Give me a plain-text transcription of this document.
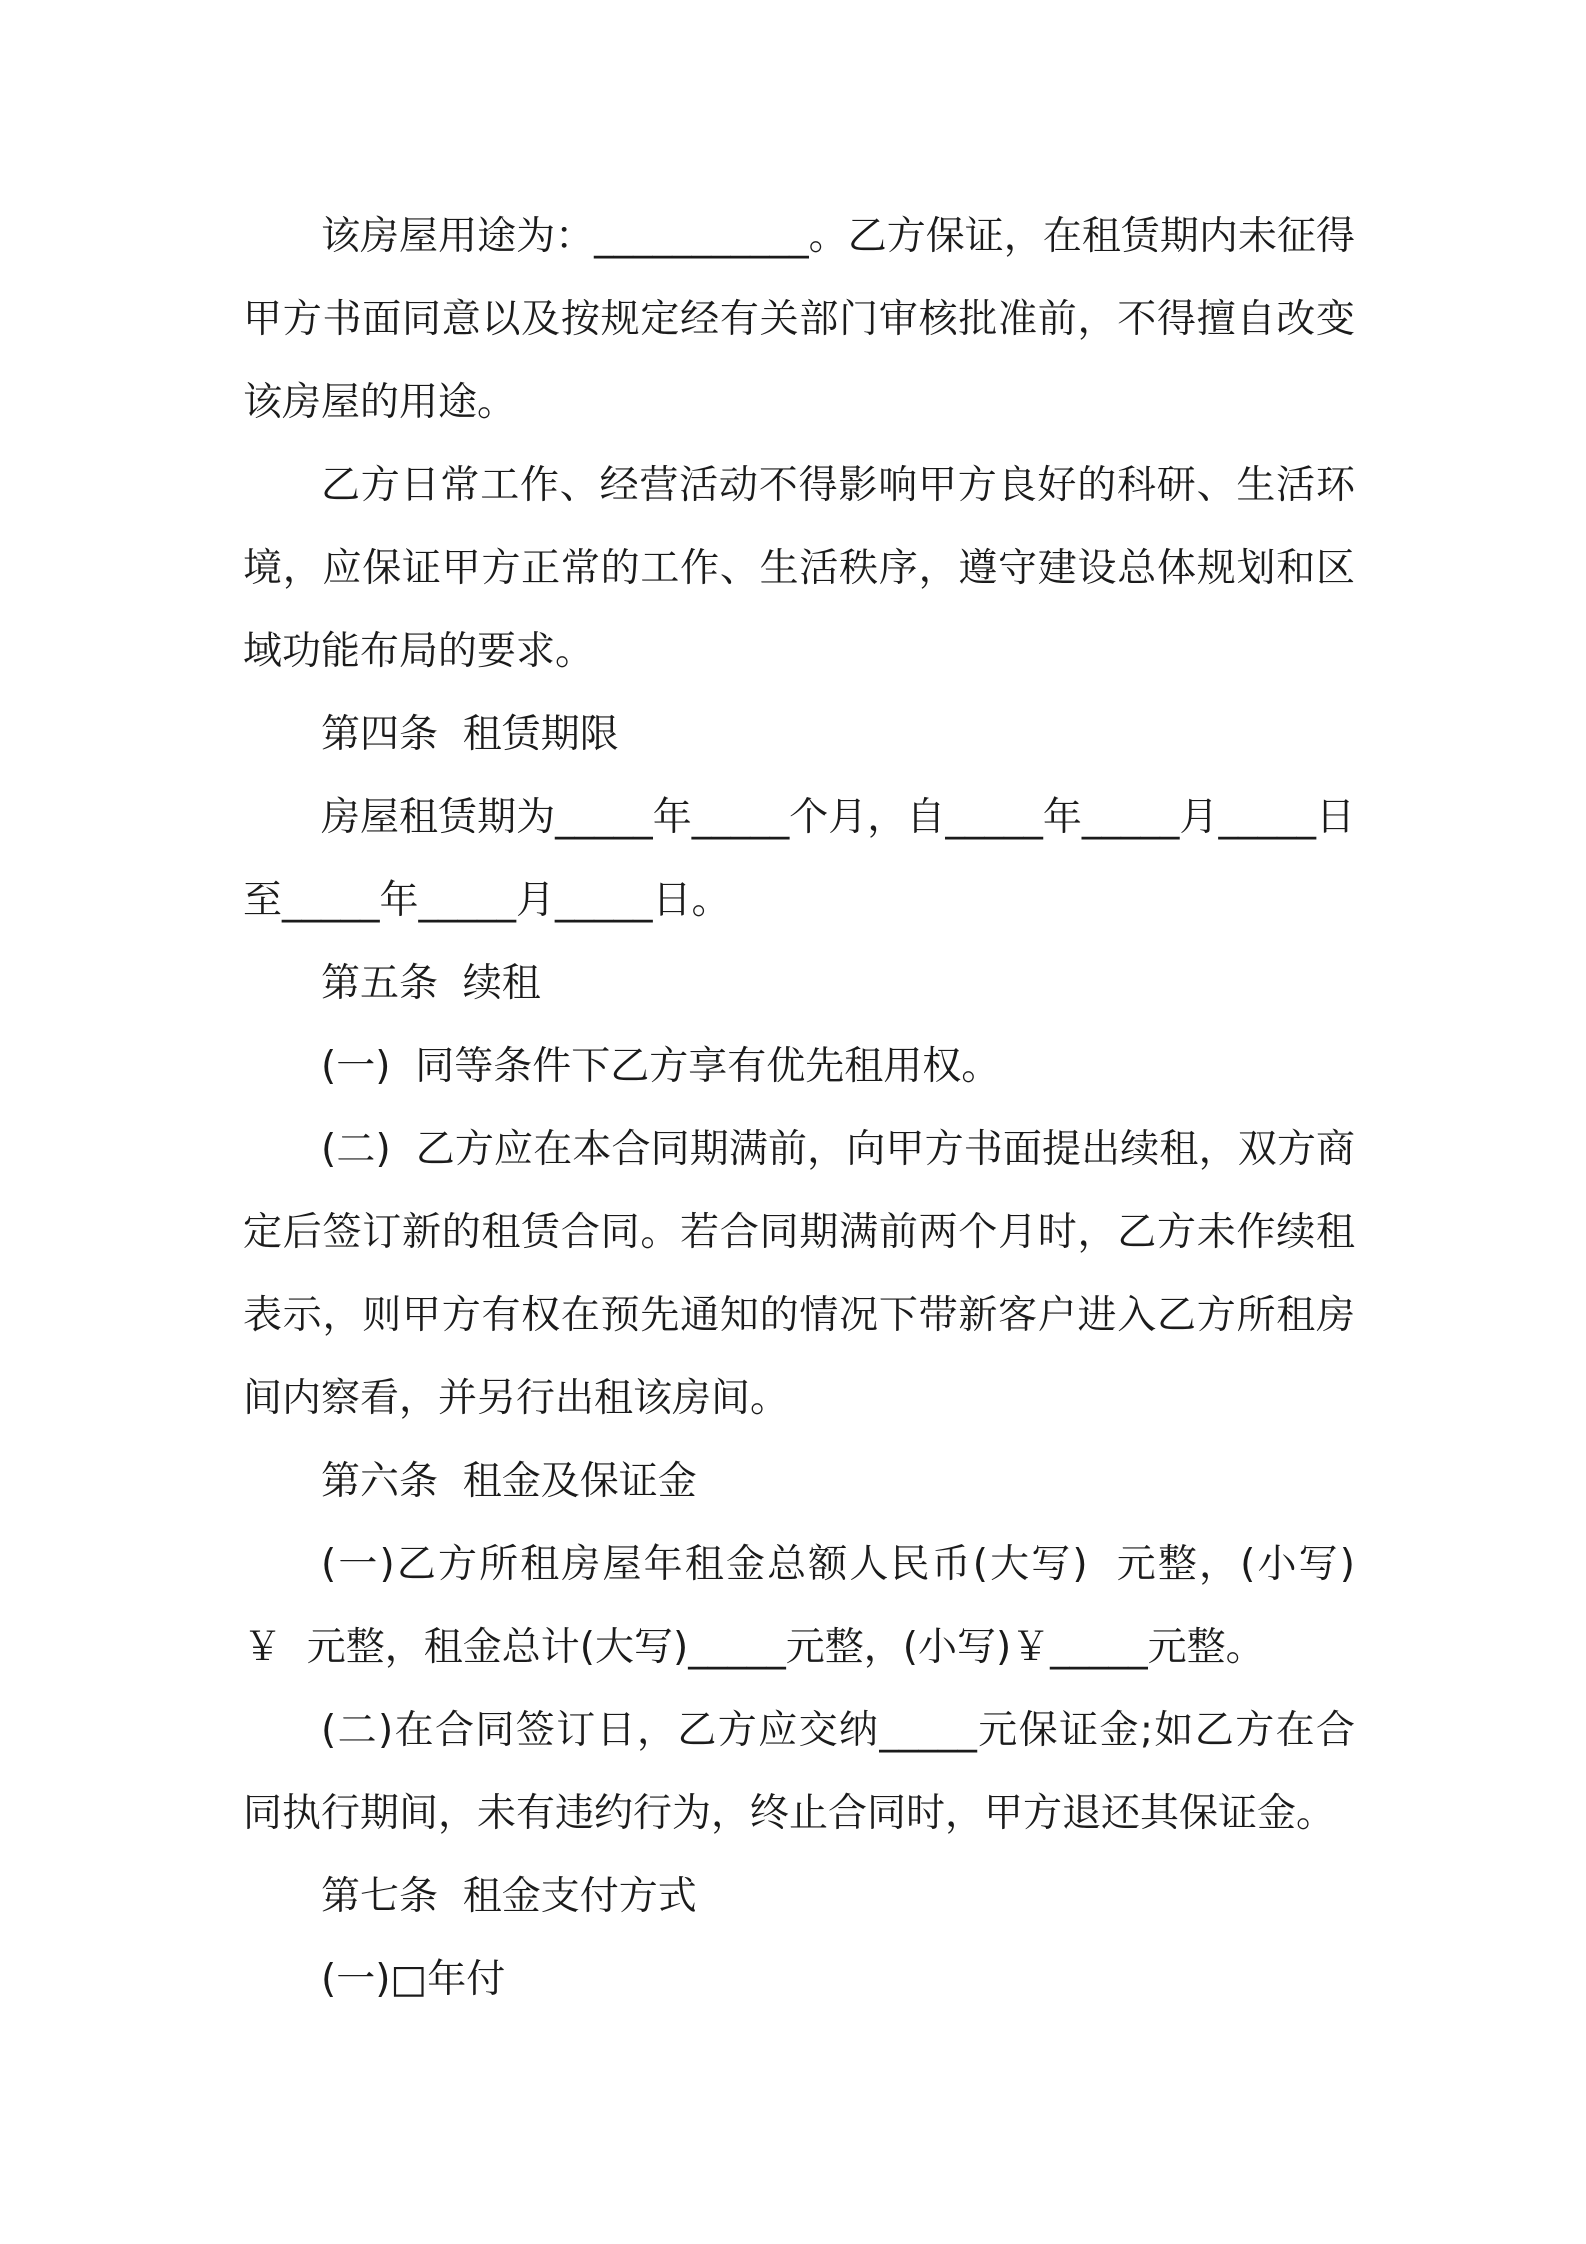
该房屋用途为：___________。乙方保证，在租赁期内未征得甲方书面同意以及按规定经有关部门审核批准前，不得擅自改变该房屋的用途。

乙方日常工作、经营活动不得影响甲方良好的科研、生活环境，应保证甲方正常的工作、生活秩序，遵守建设总体规划和区域功能布局的要求。

第四条  租赁期限

房屋租赁期为_____年_____个月，自_____年_____月_____日至_____年_____月_____日。

第五条  续租

(一)  同等条件下乙方享有优先租用权。

(二)  乙方应在本合同期满前，向甲方书面提出续租，双方商定后签订新的租赁合同。若合同期满前两个月时，乙方未作续租表示，则甲方有权在预先通知的情况下带新客户进入乙方所租房间内察看，并另行出租该房间。

第六条  租金及保证金

(一)乙方所租房屋年租金总额人民币(大写)  元整，(小写)  ￥  元整，租金总计(大写)_____元整，(小写)￥_____元整。

(二)在合同签订日，乙方应交纳_____元保证金;如乙方在合同执行期间，未有违约行为，终止合同时，甲方退还其保证金。

第七条  租金支付方式

(一)□年付
